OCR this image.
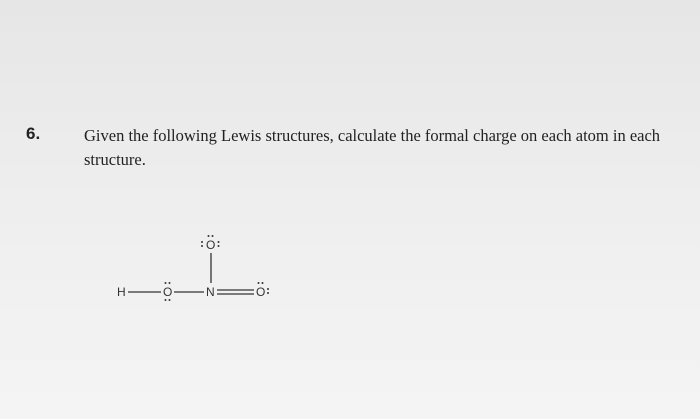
6.	Given the following Lewis structures, calculate the formal charge on each atom in each structure.
H	O	N
O
O
